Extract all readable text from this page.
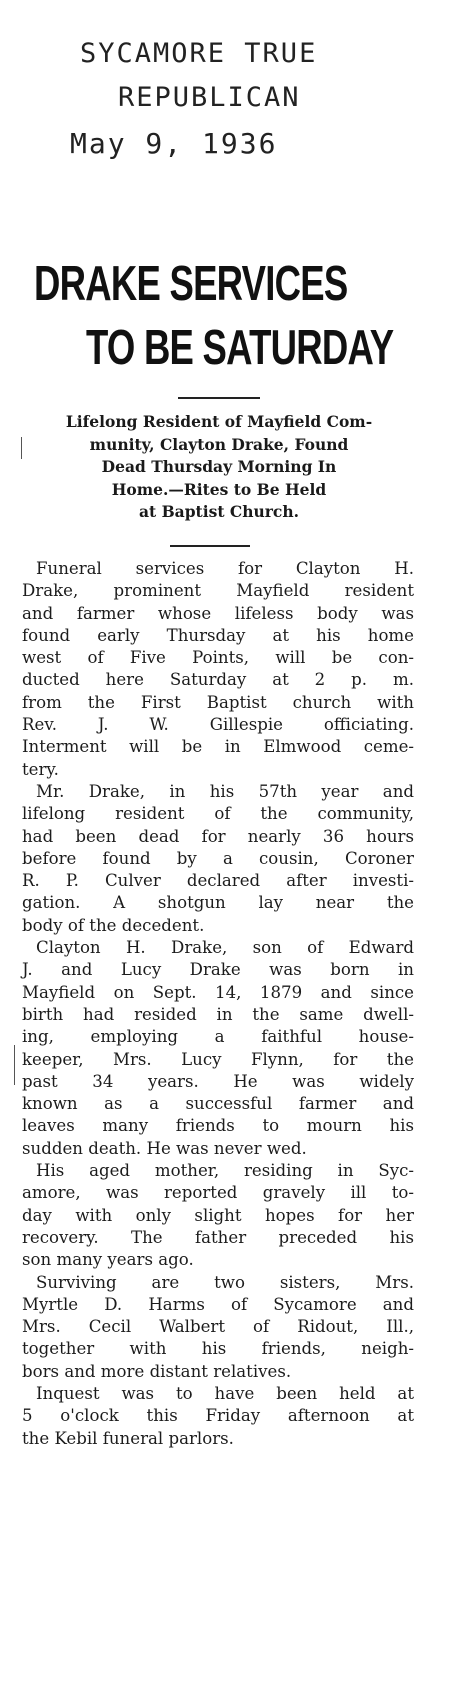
SYCAMORE TRUE
REPUBLICAN
May 9, 1936
DRAKE SERVICES
TO BE SATURDAY
Lifelong Resident of Mayfield Com-
munity, Clayton Drake, Found
Dead Thursday Morning In
Home.—Rites to Be Held
at Baptist Church.

Funeral services for Clayton H.
Drake, prominent Mayfield resident
and farmer whose lifeless body was
found early Thursday at his home
west of Five Points, will be con-
ducted here Saturday at 2 p. m.
from the First Baptist church with
Rev. J. W. Gillespie officiating.
Interment will be in Elmwood ceme-
tery.

Mr. Drake, in his 57th year and
lifelong resident of the community,
had been dead for nearly 36 hours
before found by a cousin, Coroner
R. P. Culver declared after investi-
gation. A shotgun lay near the
body of the decedent.

Clayton H. Drake, son of Edward
J. and Lucy Drake was born in
Mayfield on Sept. 14, 1879 and since
birth had resided in the same dwell-
ing, employing a faithful house-
keeper, Mrs. Lucy Flynn, for the
past 34 years. He was widely
known as a successful farmer and
leaves many friends to mourn his
sudden death. He was never wed.

His aged mother, residing in Syc-
amore, was reported gravely ill to-
day with only slight hopes for her
recovery. The father preceded his
son many years ago.

Surviving are two sisters, Mrs.
Myrtle D. Harms of Sycamore and
Mrs. Cecil Walbert of Ridout, Ill.,
together with his friends, neigh-
bors and more distant relatives.

Inquest was to have been held at
5 o'clock this Friday afternoon at
the Kebil funeral parlors.
